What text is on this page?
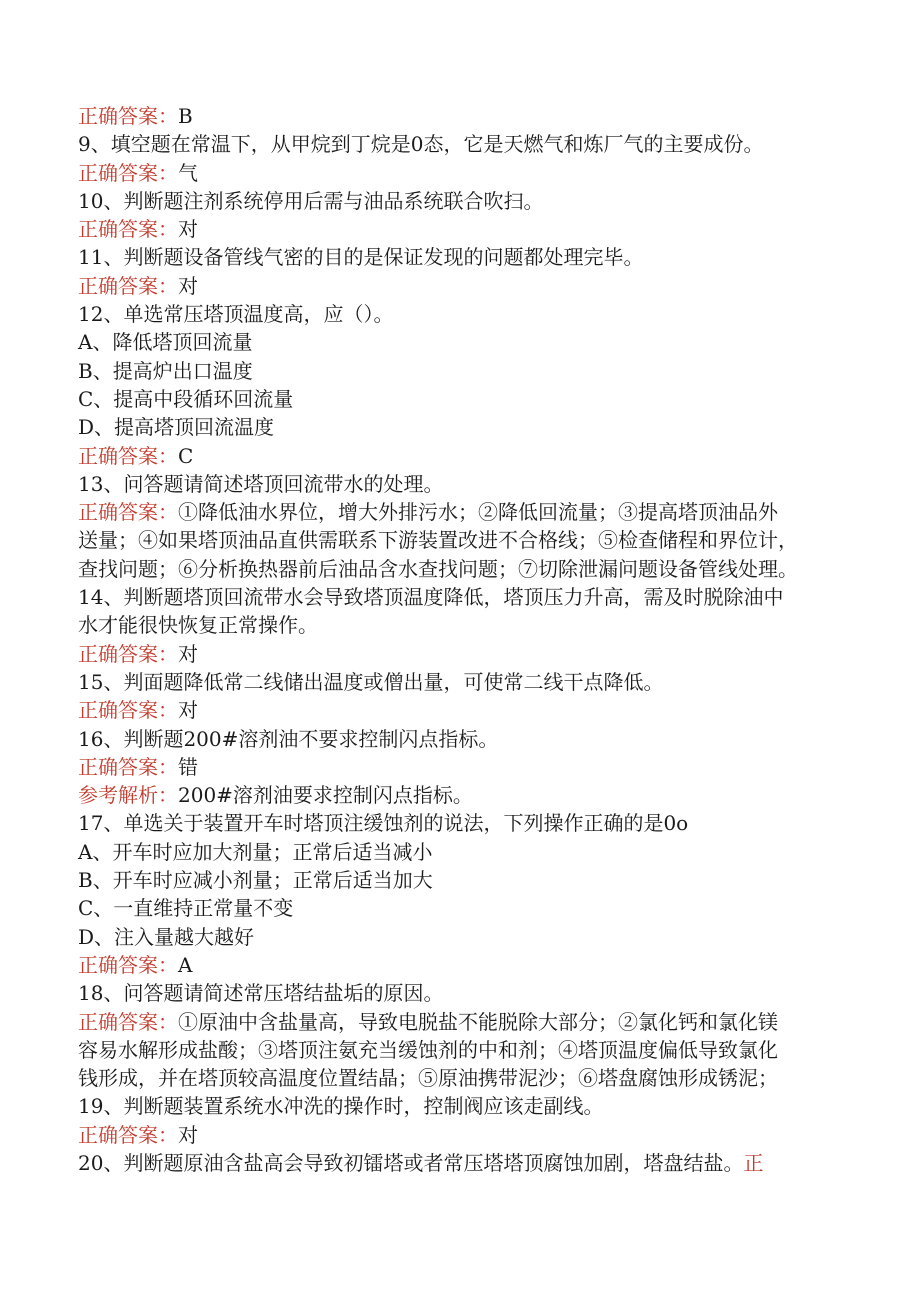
正确答案：B

9、填空题在常温下，从甲烷到丁烷是0态，它是天燃气和炼厂气的主要成份。

正确答案：气

10、判断题注剂系统停用后需与油品系统联合吹扫。

正确答案：对

11、判断题设备管线气密的目的是保证发现的问题都处理完毕。

正确答案：对

12、单选常压塔顶温度高，应（）。

A、降低塔顶回流量

B、提高炉出口温度

C、提高中段循环回流量

D、提高塔顶回流温度

正确答案：C

13、问答题请简述塔顶回流带水的处理。

正确答案：①降低油水界位，增大外排污水；②降低回流量；③提高塔顶油品外

送量；④如果塔顶油品直供需联系下游装置改进不合格线；⑤检查储程和界位计，

查找问题；⑥分析换热器前后油品含水查找问题；⑦切除泄漏问题设备管线处理。

14、判断题塔顶回流带水会导致塔顶温度降低，塔顶压力升高，需及时脱除油中

水才能很快恢复正常操作。

正确答案：对

15、判面题降低常二线储出温度或僧出量，可使常二线干点降低。

正确答案：对

16、判断题200#溶剂油不要求控制闪点指标。

正确答案：错

参考解析：200#溶剂油要求控制闪点指标。

17、单选关于装置开车时塔顶注缓蚀剂的说法，下列操作正确的是0o

A、开车时应加大剂量；正常后适当减小

B、开车时应减小剂量；正常后适当加大

C、一直维持正常量不变

D、注入量越大越好

正确答案：A

18、问答题请简述常压塔结盐垢的原因。

正确答案：①原油中含盐量高，导致电脱盐不能脱除大部分；②氯化钙和氯化镁

容易水解形成盐酸；③塔顶注氨充当缓蚀剂的中和剂；④塔顶温度偏低导致氯化

钱形成，并在塔顶较高温度位置结晶；⑤原油携带泥沙；⑥塔盘腐蚀形成锈泥；

19、判断题装置系统水冲洗的操作时，控制阀应该走副线。

正确答案：对

20、判断题原油含盐高会导致初镭塔或者常压塔塔顶腐蚀加剧，塔盘结盐。正
